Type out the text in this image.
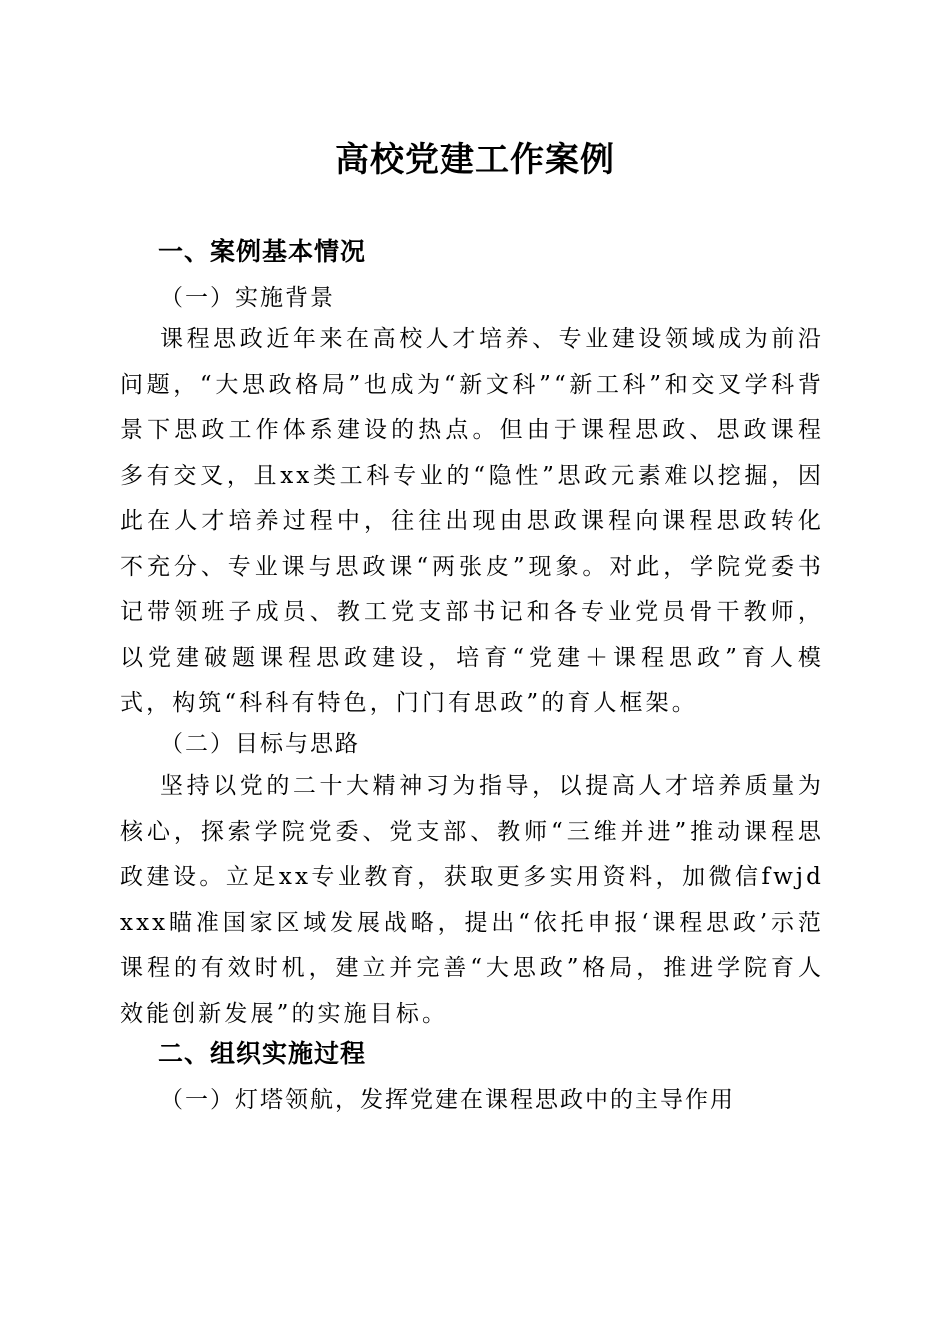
高校党建工作案例
一、案例基本情况
（一）实施背景
课程思政近年来在高校人才培养、专业建设领域成为前沿问题，“大思政格局”也成为“新文科”“新工科”和交叉学科背景下思政工作体系建设的热点。但由于课程思政、思政课程多有交叉，且xx类工科专业的“隐性”思政元素难以挖掘，因此在人才培养过程中，往往出现由思政课程向课程思政转化不充分、专业课与思政课“两张皮”现象。对此，学院党委书记带领班子成员、教工党支部书记和各专业党员骨干教师，以党建破题课程思政建设，培育“党建＋课程思政”育人模式，构筑“科科有特色，门门有思政”的育人框架。
（二）目标与思路
坚持以党的二十大精神习为指导，以提高人才培养质量为核心，探索学院党委、党支部、教师“三维并进”推动课程思政建设。立足xx专业教育，获取更多实用资料，加微信fwjdxxx瞄准国家区域发展战略，提出“依托申报‘课程思政’示范课程的有效时机，建立并完善“大思政”格局，推进学院育人效能创新发展”的实施目标。
二、组织实施过程
（一）灯塔领航，发挥党建在课程思政中的主导作用
